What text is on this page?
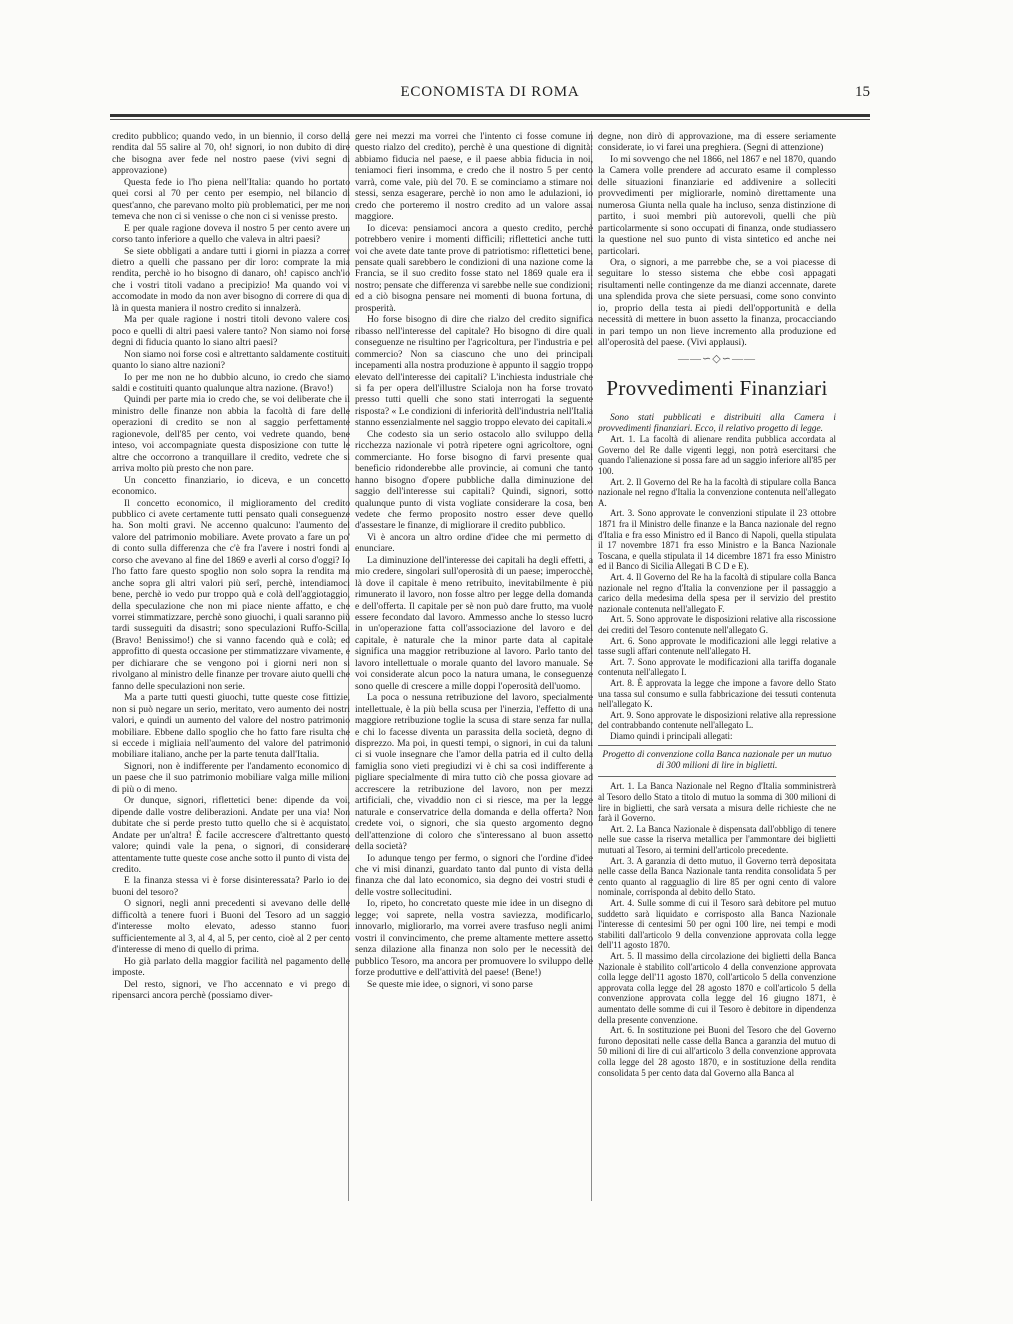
ECONOMISTA DI ROMA	15

credito pubblico; quando vedo, in un biennio, il corso della rendita dal 55 salire al 70, oh! signori, io non dubito di dire che bisogna aver fede nel nostro paese (vivi segni di approvazione)

Questa fede io l'ho piena nell'Italia: quando ho portato quei corsi al 70 per cento per esempio, nel bilancio di quest'anno, che parevano molto più problematici, per me non temeva che non ci si venisse o che non ci si venisse presto.

E per quale ragione doveva il nostro 5 per cento avere un corso tanto inferiore a quello che valeva in altri paesi?

Se siete obbligati a andare tutti i giorni in piazza a correr dietro a quelli che passano per dir loro: comprate la mia rendita, perchè io ho bisogno di danaro, oh! capisco anch'io che i vostri titoli vadano a precipizio! Ma quando voi vi accomodate in modo da non aver bisogno di correre di qua di là in questa maniera il nostro credito si innalzerà.

Ma per quale ragione i nostri titoli devono valere così poco e quelli di altri paesi valere tanto? Non siamo noi forse degni di fiducia quanto lo siano altri paesi?

Non siamo noi forse così e altrettanto saldamente costituiti quanto lo siano altre nazioni?

Io per me non ne ho dubbio alcuno, io credo che siamo saldi e costituiti quanto qualunque altra nazione. (Bravo!)

Quindi per parte mia io credo che, se voi deliberate che il ministro delle finanze non abbia la facoltà di fare delle operazioni di credito se non al saggio perfettamente ragionevole, dell'85 per cento, voi vedrete quando, bene inteso, voi accompagniate questa disposizione con tutte le altre che occorrono a tranquillare il credito, vedrete che si arriva molto più presto che non pare.

Un concetto finanziario, io diceva, e un concetto economico.

Il concetto economico, il miglioramento del credito pubblico ci avete certamente tutti pensato quali conseguenze ha. Son molti gravi. Ne accenno qualcuno: l'aumento del valore del patrimonio mobiliare. Avete provato a fare un po' di conto sulla differenza che c'è fra l'avere i nostri fondi al corso che avevano al fine del 1869 e averli al corso d'oggi? Io l'ho fatto fare questo spoglio non solo sopra la rendita ma anche sopra gli altri valori più serî, perchè, intendiamoci bene, perchè io vedo pur troppo quà e colà dell'aggiotaggio, della speculazione che non mi piace niente affatto, e che vorrei stimmatizzare, perchè sono giuochi, i quali saranno più tardi susseguiti da disastri; sono speculazioni Ruffo-Scilla. (Bravo! Benissimo!) che si vanno facendo quà e colà; ed approfitto di questa occasione per stimmatizzare vivamente, e per dichiarare che se vengono poi i giorni neri non si rivolgano al ministro delle finanze per trovare aiuto quelli che fanno delle speculazioni non serie.

Ma a parte tutti questi giuochi, tutte queste cose fittizie, non si può negare un serio, meritato, vero aumento dei nostri valori, e quindi un aumento del valore del nostro patrimonio mobiliare. Ebbene dallo spoglio che ho fatto fare risulta che si eccede i migliaia nell'aumento del valore del patrimonio mobiliare italiano, anche per la parte tenuta dall'Italia.

Signori, non è indifferente per l'andamento economico di un paese che il suo patrimonio mobiliare valga mille milioni di più o di meno.

Or dunque, signori, riflettetici bene: dipende da voi, dipende dalle vostre deliberazioni. Andate per una via! Non dubitate che si perde presto tutto quello che si è acquistato. Andate per un'altra! È facile accrescere d'altrettanto questo valore; quindi vale la pena, o signori, di considerare attentamente tutte queste cose anche sotto il punto di vista del credito.

E la finanza stessa vi è forse disinteressata? Parlo io dei buoni del tesoro?

O signori, negli anni precedenti si avevano delle delle difficoltà a tenere fuori i Buoni del Tesoro ad un saggio d'interesse molto elevato, adesso stanno fuori sufficientemente al 3, al 4, al 5, per cento, cioè al 2 per cento d'interesse di meno di quello di prima.

Ho già parlato della maggior facilità nel pagamento delle imposte.

Del resto, signori, ve l'ho accennato e vi prego di ripensarci ancora perchè (possiamo diver-

gere nei mezzi ma vorrei che l'intento ci fosse comune in questo rialzo del credito), perchè è una questione di dignità: abbiamo fiducia nel paese, e il paese abbia fiducia in noi, teniamoci fieri insomma, e credo che il nostro 5 per cento varrà, come vale, più del 70. E se cominciamo a stimare noi stessi, senza esagerare, perchè io non amo le adulazioni, io credo che porteremo il nostro credito ad un valore assai maggiore.

Io diceva: pensiamoci ancora a questo credito, perchè potrebbero venire i momenti difficili; riflettetici anche tutti voi che avete date tante prove di patriotismo: riflettetici bene, pensate quali sarebbero le condizioni di una nazione come la Francia, se il suo credito fosse stato nel 1869 quale era il nostro; pensate che differenza vi sarebbe nelle sue condizioni; ed a ciò bisogna pensare nei momenti di buona fortuna, di prosperità.

Ho forse bisogno di dire che rialzo del credito significa ribasso nell'interesse del capitale? Ho bisogno di dire quali conseguenze ne risultino per l'agricoltura, per l'industria e pel commercio? Non sa ciascuno che uno dei principali incepamenti alla nostra produzione è appunto il saggio troppo elevato dell'interesse dei capitali? L'inchiesta industriale che si fa per opera dell'illustre Scialoja non ha forse trovato presso tutti quelli che sono stati interrogati la seguente risposta? « Le condizioni di inferiorità dell'industria nell'Italia stanno essenzialmente nel saggio troppo elevato dei capitali.»

Che codesto sia un serio ostacolo allo sviluppo della ricchezza nazionale vi potrà ripetere ogni agricoltore, ogni commerciante. Ho forse bisogno di farvi presente qual beneficio ridonderebbe alle provincie, ai comuni che tanto hanno bisogno d'opere pubbliche dalla diminuzione del saggio dell'interesse sui capitali? Quindi, signori, sotto qualunque punto di vista vogliate considerare la cosa, ben vedete che fermo proposito nostro esser deve quello d'assestare le finanze, di migliorare il credito pubblico.

Vi è ancora un altro ordine d'idee che mi permetto di enunciare.

La diminuzione dell'interesse dei capitali ha degli effetti, a mio credere, singolari sull'operosità di un paese; imperocchè, là dove il capitale è meno retribuito, inevitabilmente è più rimunerato il lavoro, non fosse altro per legge della domanda e dell'offerta. Il capitale per sè non può dare frutto, ma vuole essere fecondato dal lavoro. Ammesso anche lo stesso lucro in un'operazione fatta coll'associazione del lavoro e del capitale, è naturale che la minor parte data al capitale significa una maggior retribuzione al lavoro. Parlo tanto del lavoro intellettuale o morale quanto del lavoro manuale. Se voi considerate alcun poco la natura umana, le conseguenze sono quelle di crescere a mille doppi l'operosità dell'uomo.

La poca o nessuna retribuzione del lavoro, specialmente intellettuale, è la più bella scusa per l'inerzia, l'effetto di una maggiore retribuzione toglie la scusa di stare senza far nulla, e chi lo facesse diventa un parassita della società, degno di disprezzo. Ma poi, in questi tempi, o signori, in cui da taluni ci si vuole insegnare che l'amor della patria ed il culto della famiglia sono vieti pregiudizi vi è chi sa così indifferente a pigliare specialmente di mira tutto ciò che possa giovare ad accrescere la retribuzione del lavoro, non per mezzi artificiali, che, vivaddio non ci si riesce, ma per la legge naturale e conservatrice della domanda e della offerta? Non credete voi, o signori, che sia questo argomento degno dell'attenzione di coloro che s'interessano al buon assetto della società?

Io adunque tengo per fermo, o signori che l'ordine d'idee che vi misi dinanzi, guardato tanto dal punto di vista della finanza che dal lato economico, sia degno dei vostri studi e delle vostre sollecitudini.

Io, ripeto, ho concretato queste mie idee in un disegno di legge; voi saprete, nella vostra saviezza, modificarlo, innovarlo, migliorarlo, ma vorrei avere trasfuso negli animi vostri il convincimento, che preme altamente mettere assetto senza dilazione alla finanza non solo per le necessità del pubblico Tesoro, ma ancora per promuovere lo sviluppo delle forze produttive e dell'attività del paese! (Bene!)

Se queste mie idee, o signori, vi sono parse

degne, non dirò di approvazione, ma di essere seriamente considerate, io vi farei una preghiera. (Segni di attenzione)

Io mi sovvengo che nel 1866, nel 1867 e nel 1870, quando la Camera volle prendere ad accurato esame il complesso delle situazioni finanziarie ed addivenire a solleciti provvedimenti per migliorarle, nominò direttamente una numerosa Giunta nella quale ha incluso, senza distinzione di partito, i suoi membri più autorevoli, quelli che più particolarmente si sono occupati di finanza, onde studiassero la questione nel suo punto di vista sintetico ed anche nei particolari.

Ora, o signori, a me parrebbe che, se a voi piacesse di seguitare lo stesso sistema che ebbe così appagati risultamenti nelle contingenze da me dianzi accennate, darete una splendida prova che siete persuasi, come sono convinto io, proprio della testa ai piedi dell'opportunità e della necessità di mettere in buon assetto la finanza, procacciando in pari tempo un non lieve incremento alla produzione ed all'operosità del paese. (Vivi applausi).

——∽◇∽——
Provvedimenti Finanziari

Sono stati pubblicati e distribuiti alla Camera i provvedimenti finanziari. Ecco, il relativo progetto di legge.

Art. 1. La facoltà di alienare rendita pubblica accordata al Governo del Re dalle vigenti leggi, non potrà esercitarsi che quando l'alienazione si possa fare ad un saggio inferiore all'85 per 100.

Art. 2. Il Governo del Re ha la facoltà di stipulare colla Banca nazionale nel regno d'Italia la convenzione contenuta nell'allegato A.

Art. 3. Sono approvate le convenzioni stipulate il 23 ottobre 1871 fra il Ministro delle finanze e la Banca nazionale del regno d'Italia e fra esso Ministro ed il Banco di Napoli, quella stipulata il 17 novembre 1871 fra esso Ministro e la Banca Nazionale Toscana, e quella stipulata il 14 dicembre 1871 fra esso Ministro ed il Banco di Sicilia Allegati B C D e E).

Art. 4. Il Governo del Re ha la facoltà di stipulare colla Banca nazionale nel regno d'Italia la convenzione per il passaggio a carico della medesima della spesa per il servizio del prestito nazionale contenuta nell'allegato F.

Art. 5. Sono approvate le disposizioni relative alla riscossione dei crediti del Tesoro contenute nell'allegato G.

Art. 6. Sono approvate le modificazioni alle leggi relative a tasse sugli affari contenute nell'allegato H.

Art. 7. Sono approvate le modificazioni alla tariffa doganale contenuta nell'allegato I.

Art. 8. È approvata la legge che impone a favore dello Stato una tassa sul consumo e sulla fabbricazione dei tessuti contenuta nell'allegato K.

Art. 9. Sono approvate le disposizioni relative alla repressione del contrabbando contenute nell'allegato L.

Diamo quindi i principali allegati:

Progetto di convenzione colla Banca nazionale per un mutuo di 300 milioni di lire in biglietti.

Art. 1. La Banca Nazionale nel Regno d'Italia somministrerà al Tesoro dello Stato a titolo di mutuo la somma di 300 milioni di lire in biglietti, che sarà versata a misura delle richieste che ne farà il Governo.

Art. 2. La Banca Nazionale è dispensata dall'obbligo di tenere nelle sue casse la riserva metallica per l'ammontare dei biglietti mutuati al Tesoro, ai termini dell'articolo precedente.

Art. 3. A garanzia di detto mutuo, il Governo terrà depositata nelle casse della Banca Nazionale tanta rendita consolidata 5 per cento quanto al ragguaglio di lire 85 per ogni cento di valore nominale, corrisponda al debito dello Stato.

Art. 4. Sulle somme di cui il Tesoro sarà debitore pel mutuo suddetto sarà liquidato e corrisposto alla Banca Nazionale l'interesse di centesimi 50 per ogni 100 lire, nei tempi e modi stabiliti dall'articolo 9 della convenzione approvata colla legge dell'11 agosto 1870.

Art. 5. Il massimo della circolazione dei biglietti della Banca Nazionale è stabilito coll'articolo 4 della convenzione approvata colla legge dell'11 agosto 1870, coll'articolo 5 della convenzione approvata colla legge del 28 agosto 1870 e coll'articolo 5 della convenzione approvata colla legge del 16 giugno 1871, è aumentato delle somme di cui il Tesoro è debitore in dipendenza della presente convenzione.

Art. 6. In sostituzione pei Buoni del Tesoro che del Governo furono depositati nelle casse della Banca a garanzia del mutuo di 50 milioni di lire di cui all'articolo 3 della convenzione approvata colla legge del 28 agosto 1870, e in sostituzione della rendita consolidata 5 per cento data dal Governo alla Banca al
